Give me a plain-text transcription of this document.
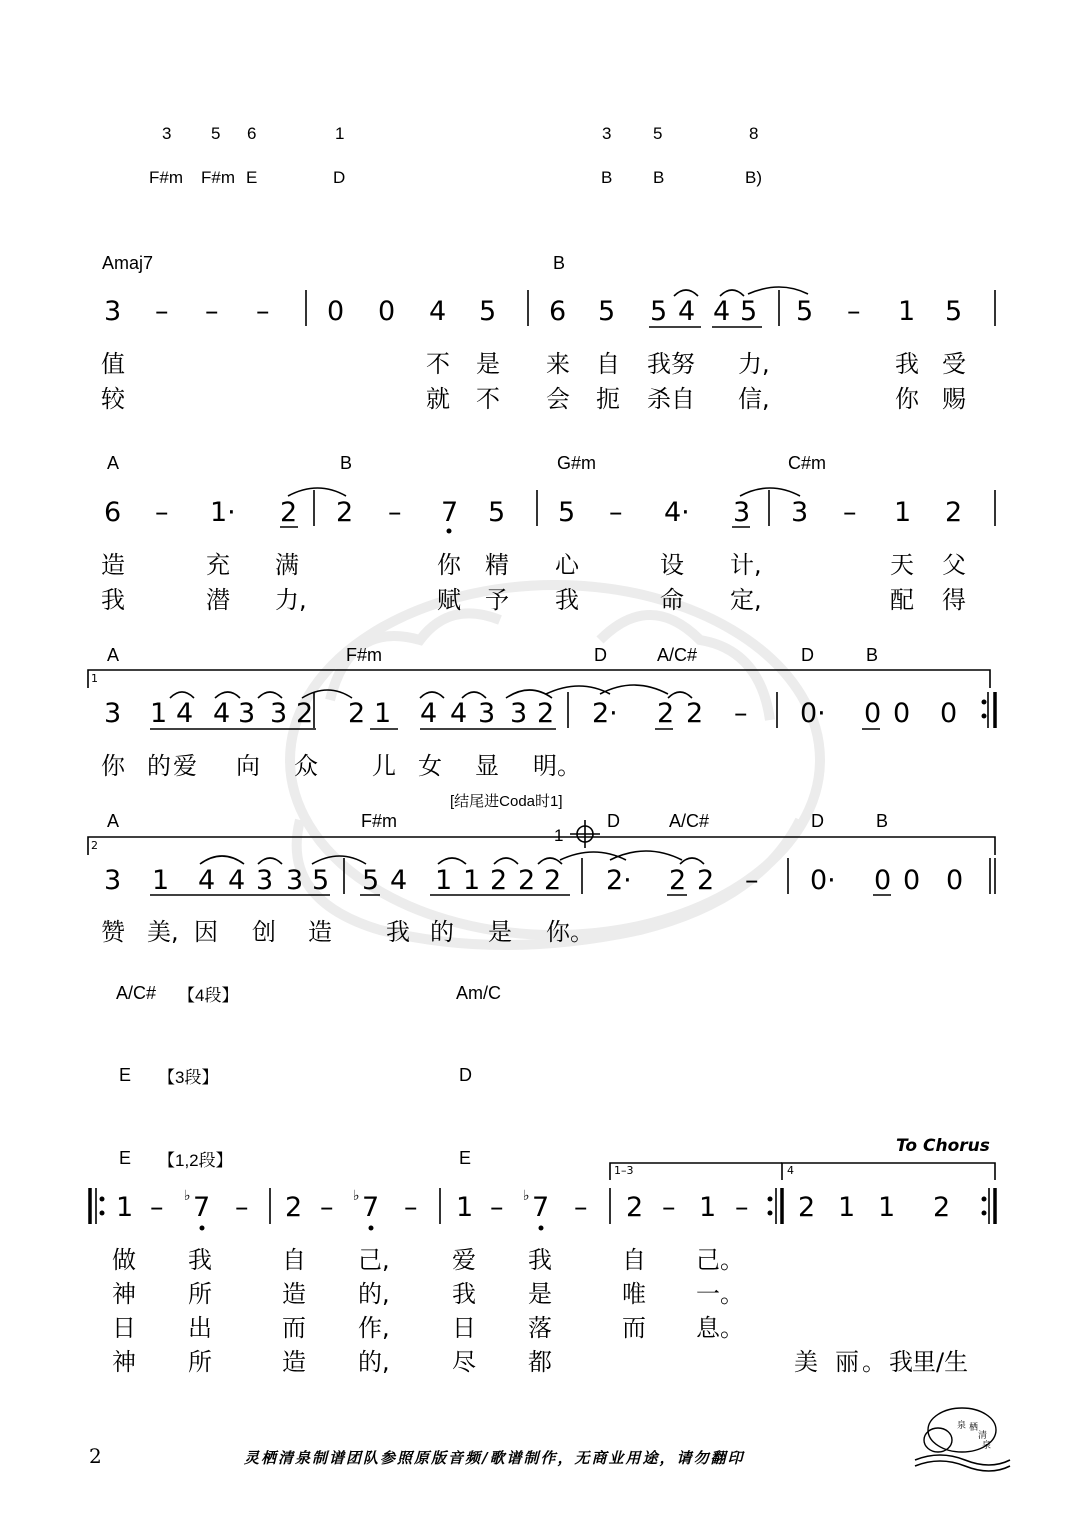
3 5 6	1	3 5	8
F#m F#m E	D	B B	B)
Amaj7	B
3 – – – 0 0 4 5 6 5 5 4 4 5 5 – 1 5
值	不 是 来 自 我努 力,	我 受
较	就 不 会 扼 杀自 信,	你 赐
A	B	G#m	C#m
6 – 1· 2 2 – 7 5 5 – 4· 3 3 – 1 2
造	充 满	你 精 心	设 计,	天 父
我	潜 力,	赋 予 我	命 定,	配 得
1
A	F#m	D	A/C#	D	B
3 1 4 4 3 3 2 2 1 4 4 3 3 2 2· 2 2 – 0· 0 0 0
你 的爱 向 众 儿 女 显 明。
[结尾进Coda时1]
1
2
A	F#m	D	A/C#	D	B
3 1 4 4 3 3 5 5 4 1 1 2 2 2 2· 2 2 – 0· 0 0 0
赞 美, 因 创 造 我 的 是 你。
A/C# 【4段】	Am/C
E 【3段】	D
E 【1,2段】	E
To Chorus
1–3	4
1 – 7
♭ – 2 – 7
♭ – 1 – 7
♭ – 2 – 1 – 2 1 1 2
做 我	自 己,	爱 我	自 己。
神 所	造 的,	我 是	唯 一。
日 出	而 作,	日 落	而 息。
神 所	造 的,	尽 都	美 丽。我
里/生
2	灵栖清泉制谱团队参照原版音频/歌谱制作，无商业用途，请勿翻印
泉 栖
清
泉
